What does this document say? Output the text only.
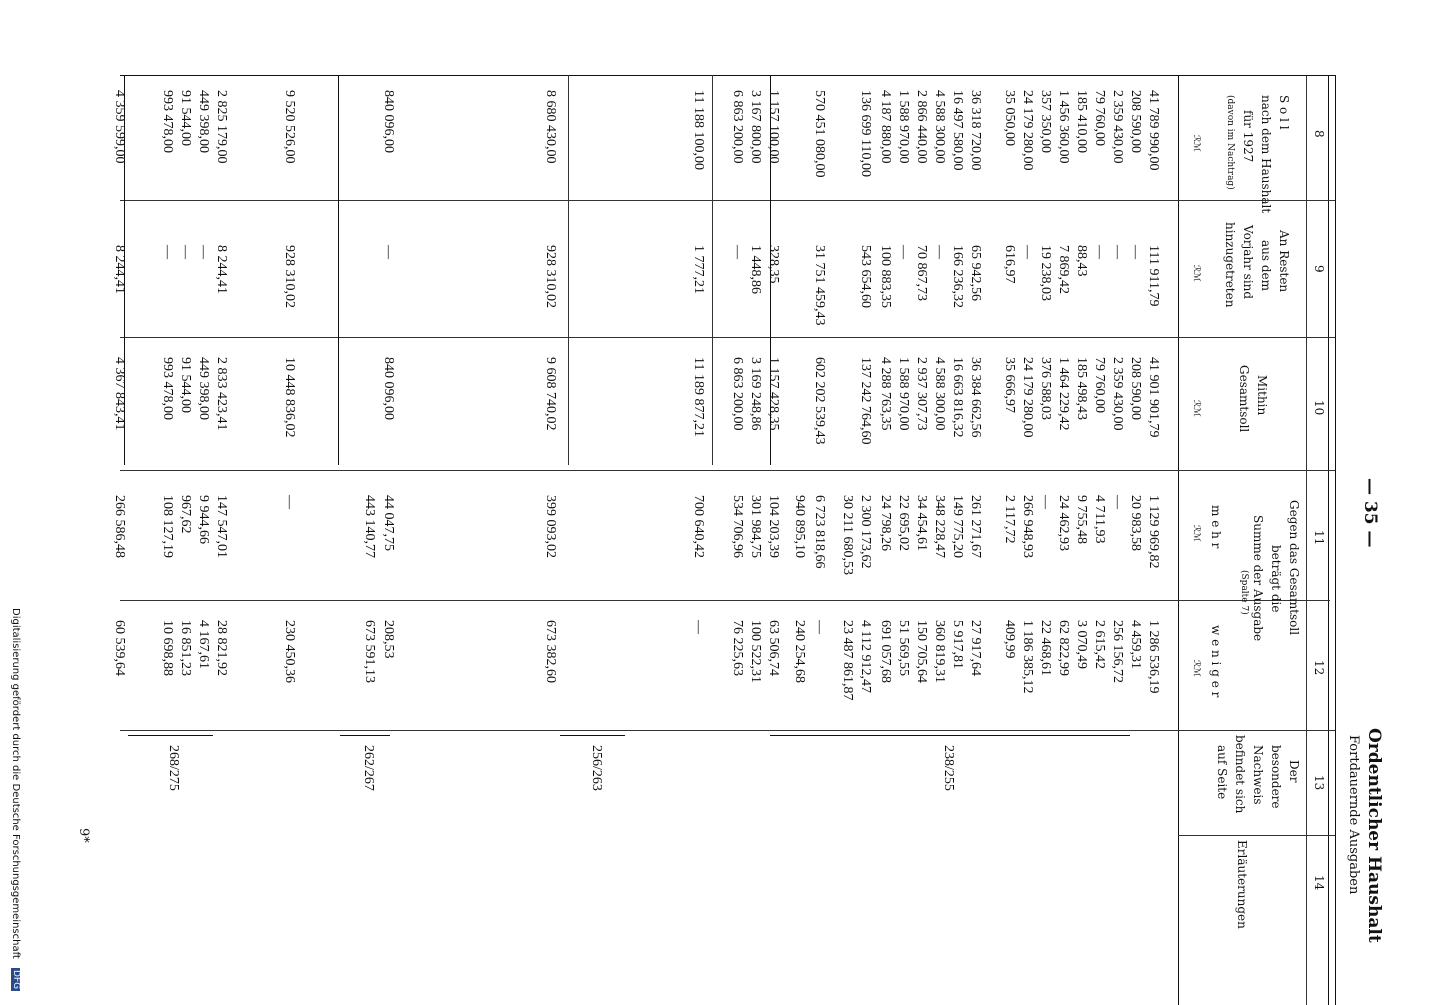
— 35 —
Ordentlicher Haushalt
Fortdauernde Ausgaben
8
9
10
11
12
13
14
S o l l
nach dem Haushalt
für 1927
(davon im Nachtrag)
ℛℳ
An Resten
aus dem
Vorjahr sind
hinzugetreten
ℛℳ
Mithin
Gesamtsoll
ℛℳ
Gegen das Gesamtsoll
beträgt die
Summe der Ausgabe
(Spalte 7)
m e h r
ℛℳ
w e n i g e r
ℛℳ
Der
besondere
Nachweis
befindet sich
auf Seite
Erläuterungen
41 789 990,00
111 911,79
41 901 901,79
1 129 969,82
1 286 536,19
208 590,00
—
208 590,00
20 983,58
4 459,31
2 359 430,00
—
2 359 430,00
—
256 156,72
79 760,00
—
79 760,00
4 711,93
2 615,42
185 410,00
88,43
185 498,43
9 755,48
3 070,49
1 456 360,00
7 869,42
1 464 229,42
24 462,93
62 822,99
357 350,00
19 238,03
376 588,03
—
22 468,61
24 179 280,00
—
24 179 280,00
266 948,93
1 186 385,12
35 050,00
616,97
35 666,97
2 117,72
409,99
36 318 720,00
65 942,56
36 384 662,56
261 271,67
27 917,64
16 497 580,00
166 236,32
16 663 816,32
149 775,20
5 917,81
4 588 300,00
—
4 588 300,00
348 228,47
360 819,31
2 866 440,00
70 867,73
2 937 307,73
34 454,61
150 705,64
1 588 970,00
—
1 588 970,00
22 695,02
51 569,55
4 187 880,00
100 883,35
4 288 763,35
24 798,26
691 057,68
136 699 110,00
543 654,60
137 242 764,60
2 300 173,62
4 112 912,47
30 211 680,53
23 487 861,87
570 451 080,00
31 751 459,43
602 202 539,43
6 723 818,66
—
940 895,10
240 254,68
1 157 100,00
328,35
1 157 428,35
104 203,39
63 506,74
3 167 800,00
1 448,86
3 169 248,86
301 984,75
100 522,31
6 863 200,00
—
6 863 200,00
534 706,96
76 225,63
11 188 100,00
1 777,21
11 189 877,21
700 640,42
—
8 680 430,00
928 310,02
9 608 740,02
399 093,02
673 382,60
840 096,00
—
840 096,00
44 047,75
208,53
443 140,77
673 591,13
9 520 526,00
928 310,02
10 448 836,02
—
230 450,36
2 825 179,00
8 244,41
2 833 423,41
147 547,01
28 821,92
449 398,00
—
449 398,00
9 944,66
4 167,61
91 544,00
—
91 544,00
967,62
16 851,23
993 478,00
—
993 478,00
108 127,19
10 698,88
4 359 599,00
8 244,41
4 367 843,41
266 586,48
60 539,64
238/255
256/263
262/267
268/275
Digitalisierung gefördert durch die Deutsche Forschungsgemeinschaft
DFG
9*
